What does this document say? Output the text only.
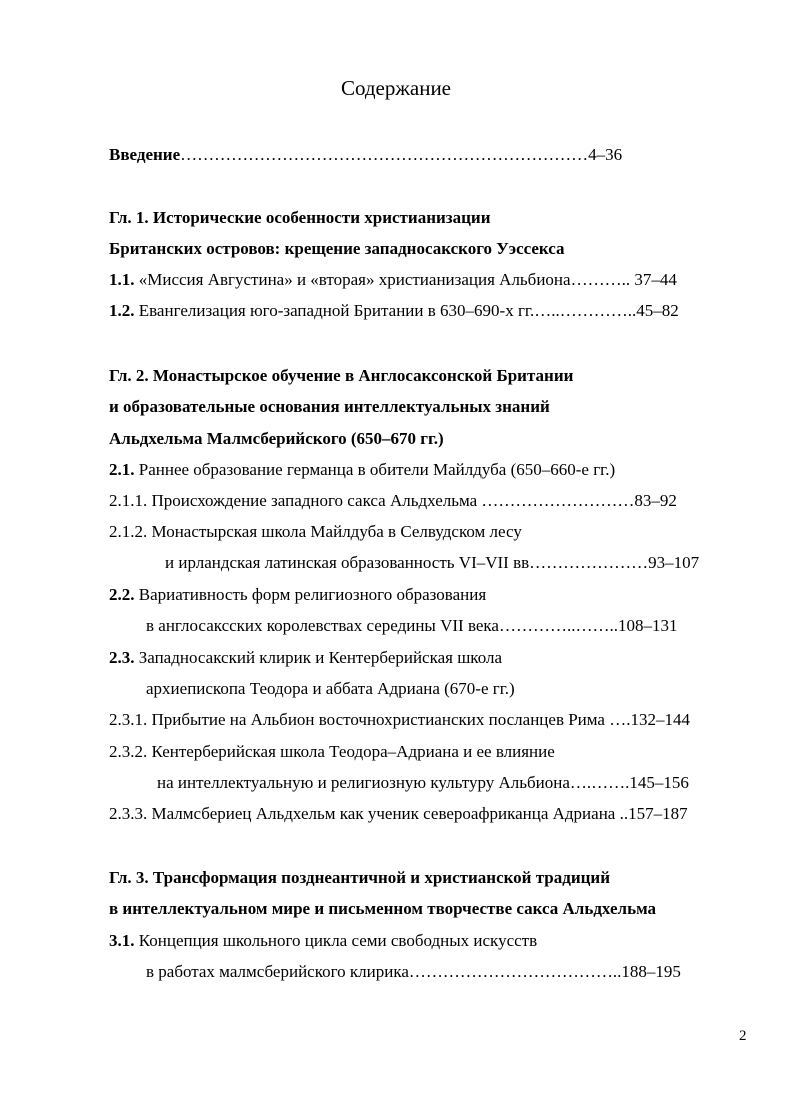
Содержание
Введение………………………………………………………………4–36
Гл. 1. Исторические особенности христианизации
Британских островов: крещение западносакского Уэссекса
1.1. «Миссия Августина» и «вторая» христианизация Альбиона……….. 37–44
1.2. Евангелизация юго-западной Британии в 630–690-х гг.…..…………..45–82
Гл. 2. Монастырское обучение в Англосаксонской Британии
и образовательные основания интеллектуальных знаний
Альдхельма Малмсберийского (650–670 гг.)
2.1. Раннее образование германца в обители Майлдуба (650–660-е гг.)
2.1.1. Происхождение западного сакса Альдхельма ………………………83–92
2.1.2. Монастырская школа Майлдуба в Селвудском лесу
и ирландская латинская образованность VI–VII вв…………………93–107
2.2. Вариативность форм религиозного образования
в англосаксских королевствах середины VII века…………..……..108–131
2.3. Западносакский клирик и Кентерберийская школа
архиепископа Теодора и аббата Адриана (670-е гг.)
2.3.1. Прибытие на Альбион восточнохристианских посланцев Рима ….132–144
2.3.2. Кентерберийская школа Теодора–Адриана и ее влияние
на интеллектуальную и религиозную культуру Альбиона….…….145–156
2.3.3. Малмсбериец Альдхельм как ученик североафриканца Адриана ..157–187
Гл. 3. Трансформация позднеантичной и христианской традиций
в интеллектуальном мире и письменном творчестве сакса Альдхельма
3.1. Концепция школьного цикла семи свободных искусств
в работах малмсберийского клирика………………………………..188–195
2
